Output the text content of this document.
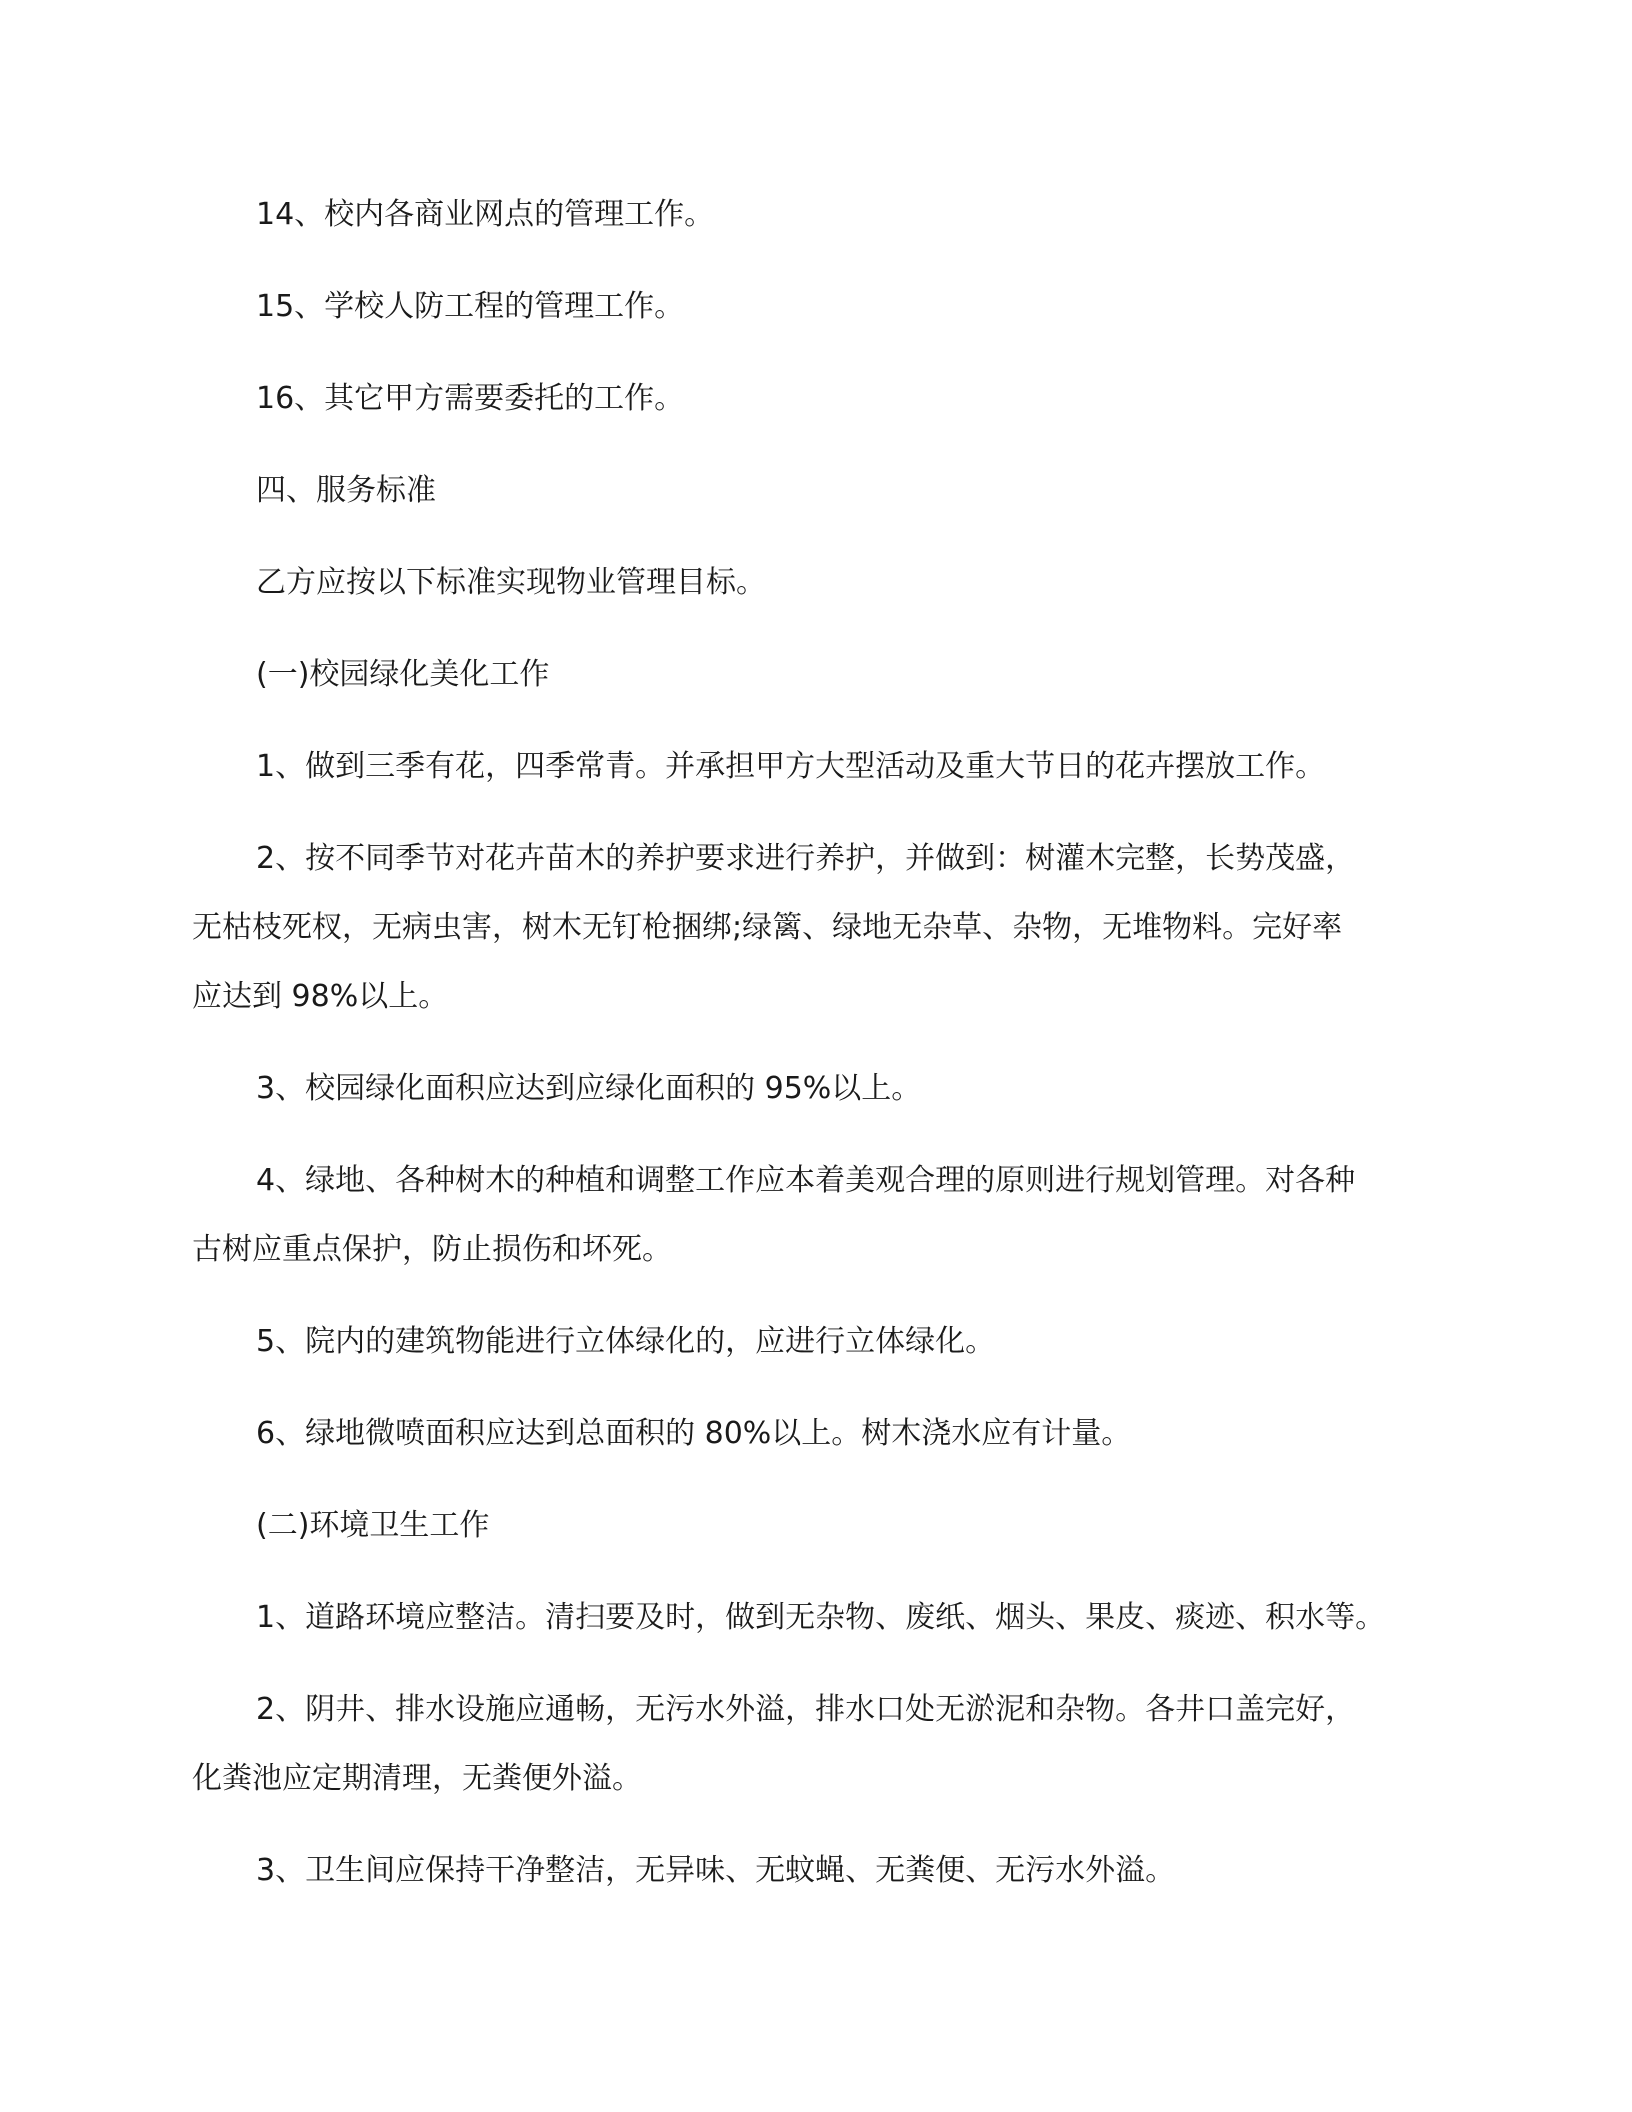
14、校内各商业网点的管理工作。

15、学校人防工程的管理工作。

16、其它甲方需要委托的工作。

四、服务标准

乙方应按以下标准实现物业管理目标。

(一)校园绿化美化工作

1、做到三季有花，四季常青。并承担甲方大型活动及重大节日的花卉摆放工作。

2、按不同季节对花卉苗木的养护要求进行养护，并做到：树灌木完整，长势茂盛，

无枯枝死杈，无病虫害，树木无钉枪捆绑;绿篱、绿地无杂草、杂物，无堆物料。完好率

应达到 98%以上。

3、校园绿化面积应达到应绿化面积的 95%以上。

4、绿地、各种树木的种植和调整工作应本着美观合理的原则进行规划管理。对各种

古树应重点保护，防止损伤和坏死。

5、院内的建筑物能进行立体绿化的，应进行立体绿化。

6、绿地微喷面积应达到总面积的 80%以上。树木浇水应有计量。

(二)环境卫生工作

1、道路环境应整洁。清扫要及时，做到无杂物、废纸、烟头、果皮、痰迹、积水等。

2、阴井、排水设施应通畅，无污水外溢，排水口处无淤泥和杂物。各井口盖完好，

化粪池应定期清理，无粪便外溢。

3、卫生间应保持干净整洁，无异味、无蚊蝇、无粪便、无污水外溢。
